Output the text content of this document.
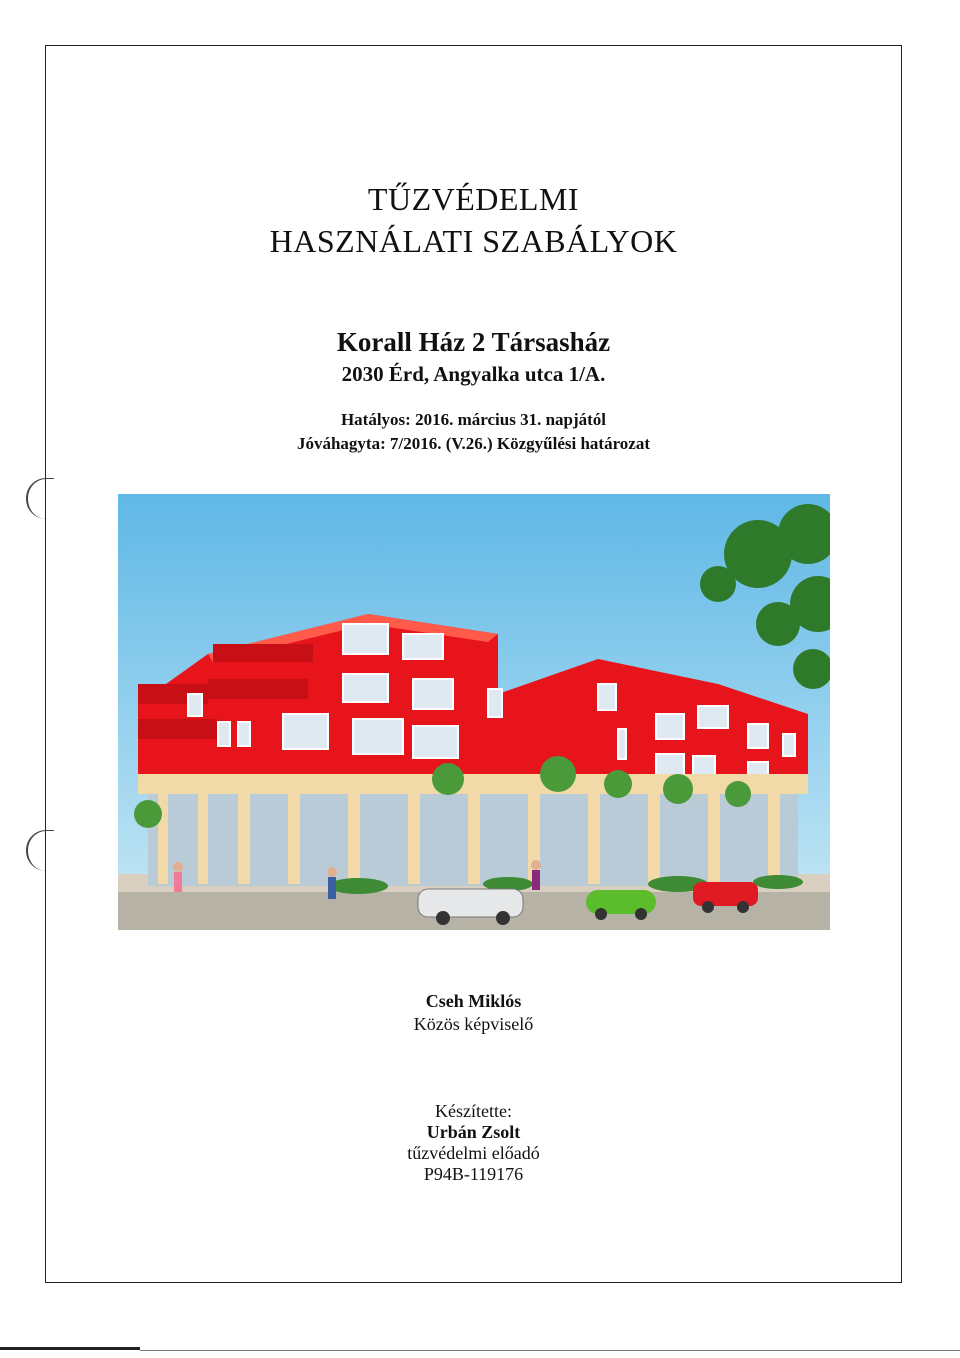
TŰZVÉDELMI
HASZNÁLATI SZABÁLYOK
Korall Ház 2 Társasház
2030 Érd, Angyalka utca 1/A.
Hatályos: 2016. március 31. napjától
Jóváhagyta: 7/2016. (V.26.) Közgyűlési határozat
Cseh Miklós
Közös képviselő
Készítette:
Urbán Zsolt
tűzvédelmi előadó
P94B-119176
